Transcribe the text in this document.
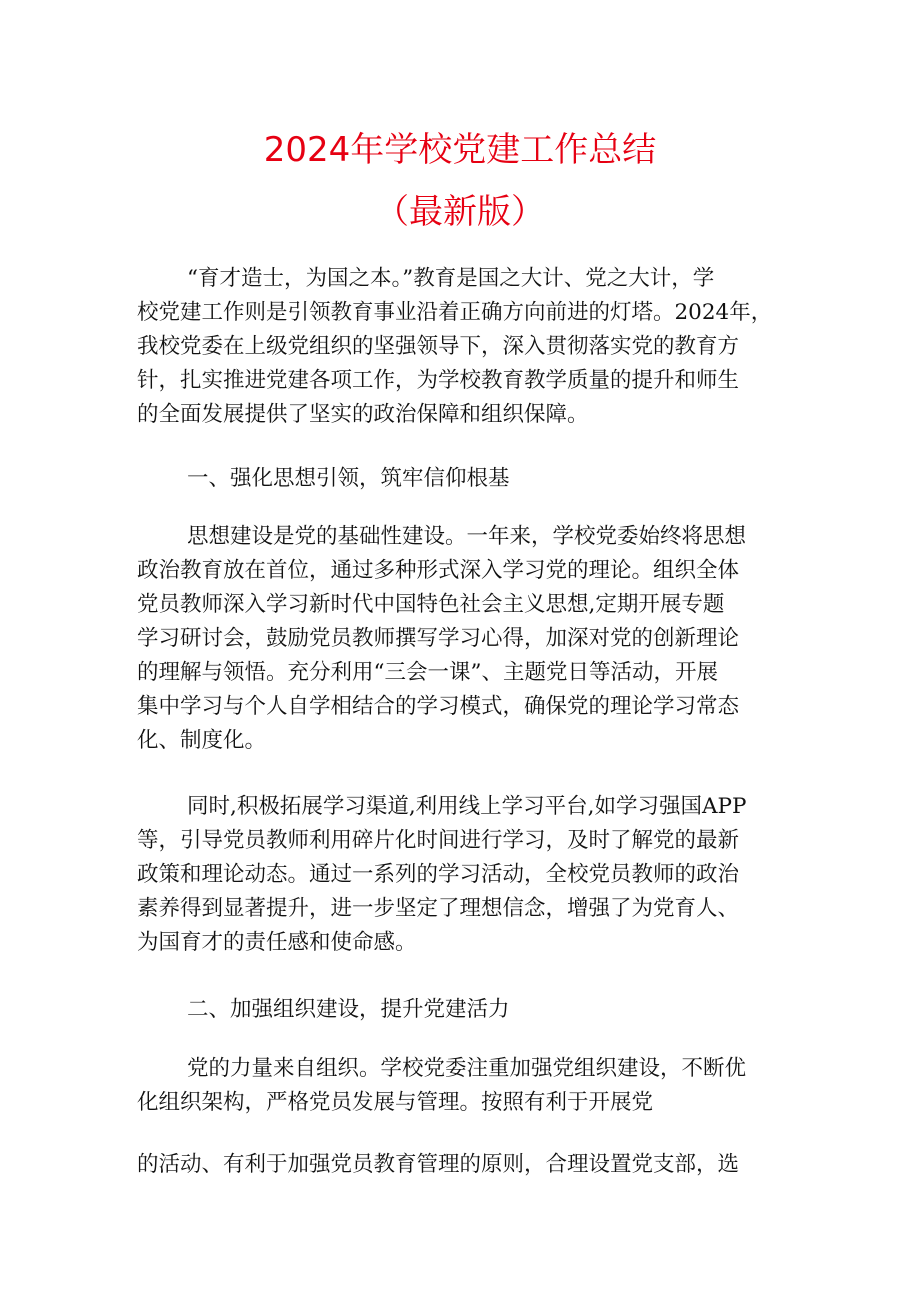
2024年学校党建工作总结
（最新版）
“育才造士，为国之本。”教育是国之大计、党之大计，学
校党建工作则是引领教育事业沿着正确方向前进的灯塔。2024年，
我校党委在上级党组织的坚强领导下，深入贯彻落实党的教育方
针，扎实推进党建各项工作，为学校教育教学质量的提升和师生
的全面发展提供了坚实的政治保障和组织保障。
一、强化思想引领，筑牢信仰根基
思想建设是党的基础性建设。一年来，学校党委始终将思想
政治教育放在首位，通过多种形式深入学习党的理论。组织全体
党员教师深入学习新时代中国特色社会主义思想,定期开展专题
学习研讨会，鼓励党员教师撰写学习心得，加深对党的创新理论
的理解与领悟。充分利用“三会一课”、主题党日等活动，开展
集中学习与个人自学相结合的学习模式，确保党的理论学习常态
化、制度化。
同时,积极拓展学习渠道,利用线上学习平台,如学习强国APP
等，引导党员教师利用碎片化时间进行学习，及时了解党的最新
政策和理论动态。通过一系列的学习活动，全校党员教师的政治
素养得到显著提升，进一步坚定了理想信念，增强了为党育人、
为国育才的责任感和使命感。
二、加强组织建设，提升党建活力
党的力量来自组织。学校党委注重加强党组织建设，不断优
化组织架构，严格党员发展与管理。按照有利于开展党
的活动、有利于加强党员教育管理的原则，合理设置党支部，选
